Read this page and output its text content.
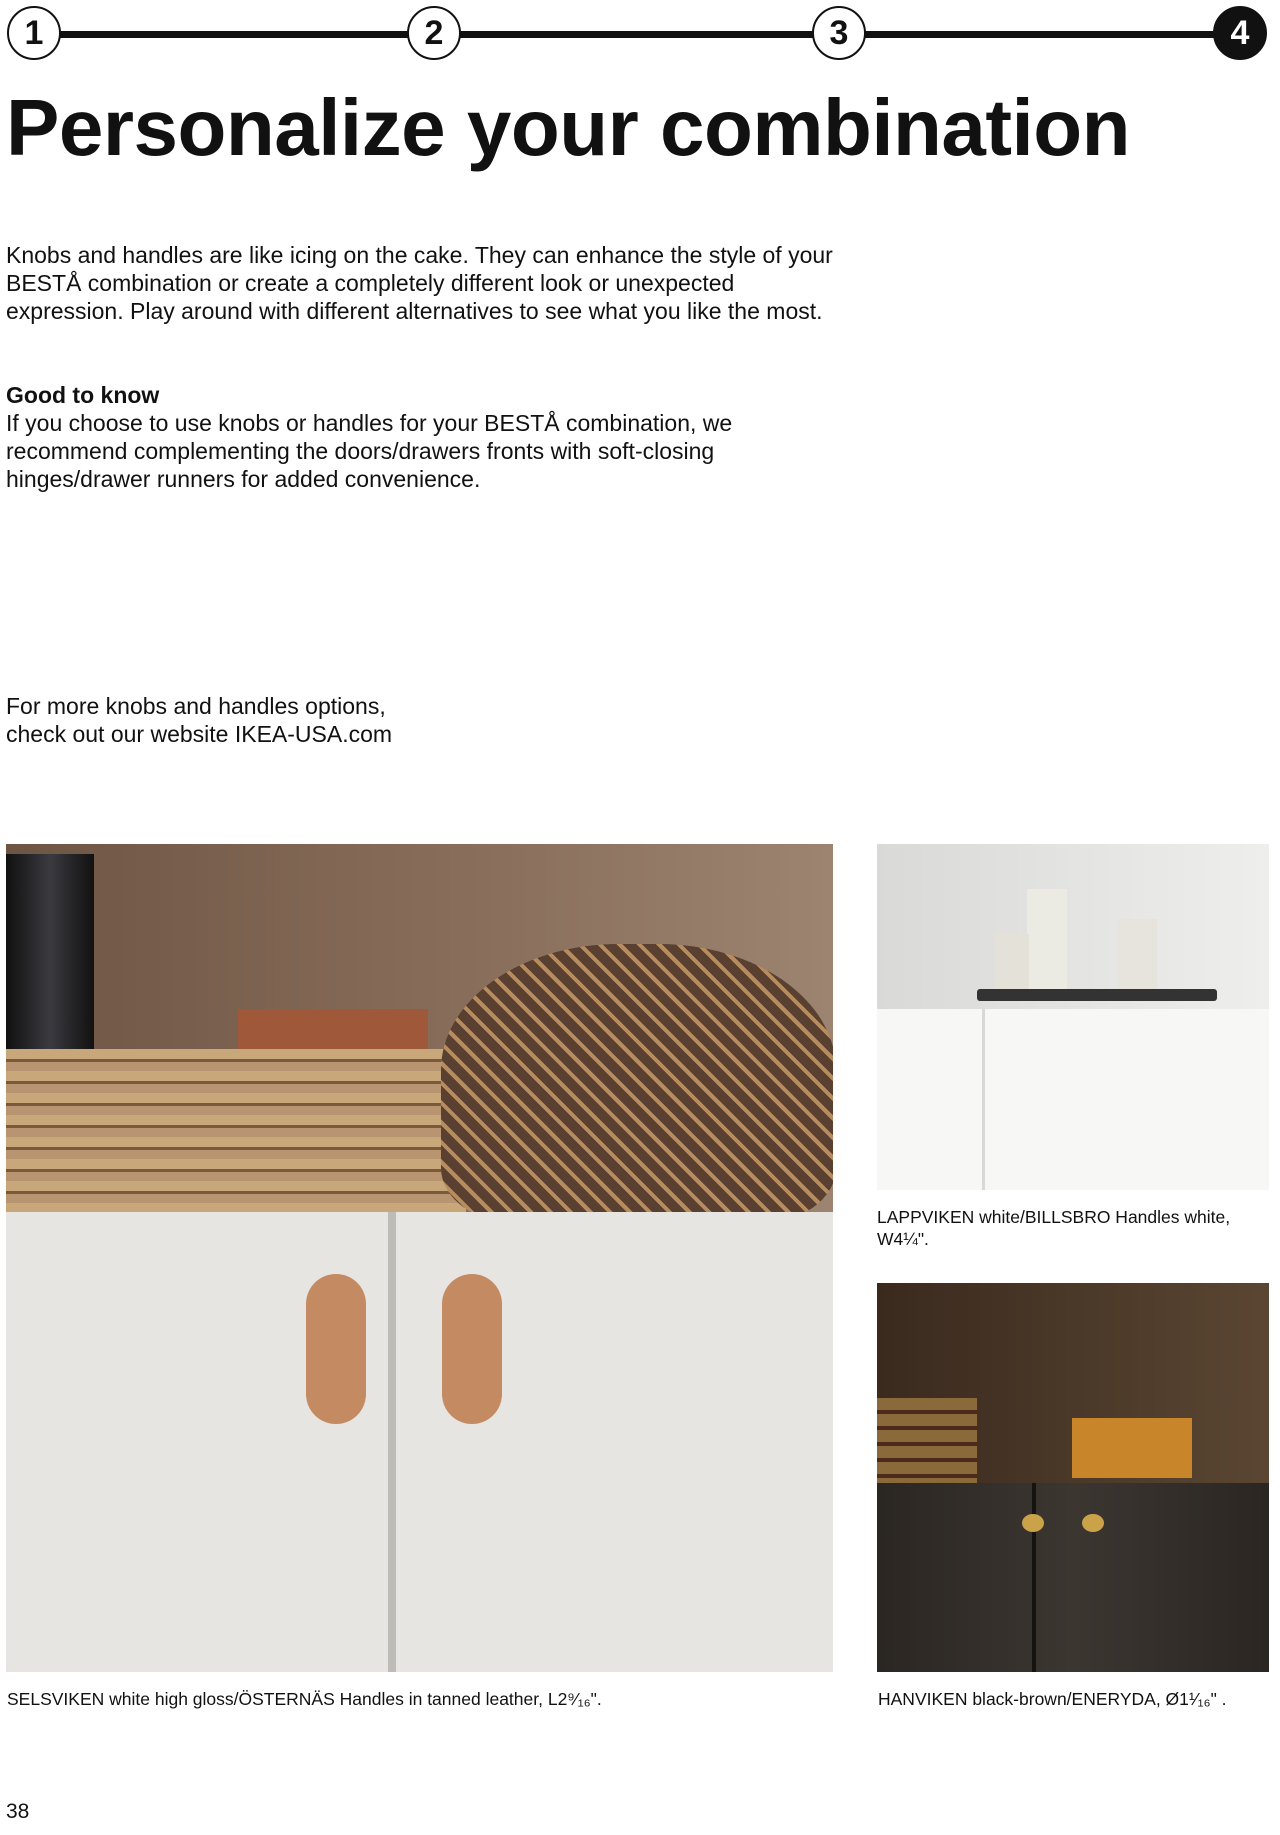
1	2	3	4
Personalize your combination
Knobs and handles are like icing on the cake. They can enhance the style of your BESTÅ combination or create a completely different look or unexpected expression. Play around with different alternatives to see what you like the most.
Good to know
If you choose to use knobs or handles for your BESTÅ combination, we recommend complementing the doors/drawers fronts with soft-closing hinges/drawer runners for added convenience.
For more knobs and handles options,
check out our website IKEA-USA.com
LAPPVIKEN white/BILLSBRO Handles white, W4¼".
SELSVIKEN white high gloss/ÖSTERNÄS Handles in tanned leather, L2⁹⁄₁₆".	HANVIKEN black-brown/ENERYDA, Ø1¹⁄₁₆" .
38
